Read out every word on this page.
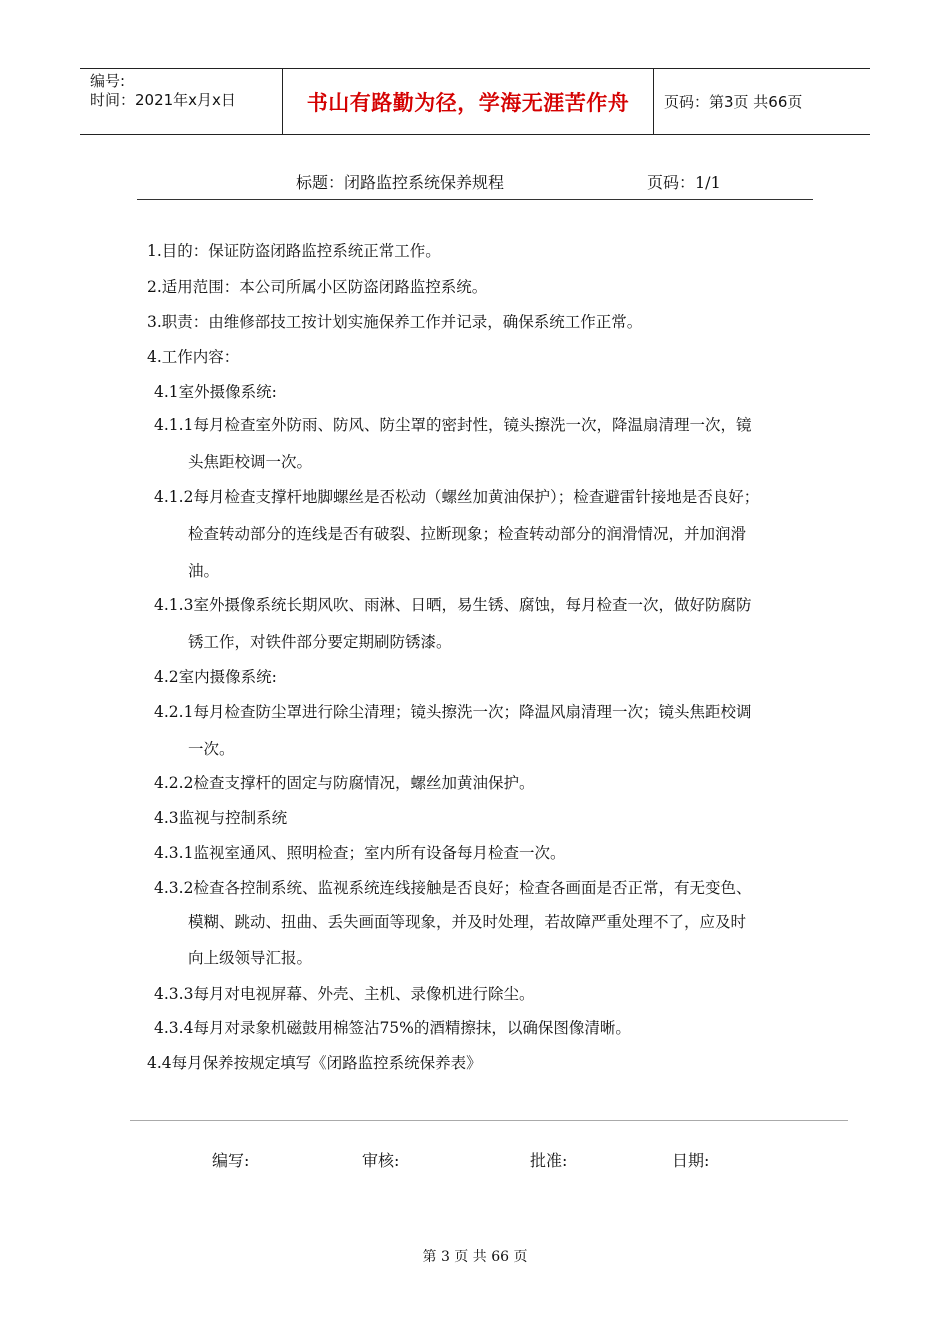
编号:
时间：2021年x月x日	书山有路勤为径，学海无涯苦作舟	页码：第3页 共66页
标题：闭路监控系统保养规程	页码：1/1
1.目的：保证防盗闭路监控系统正常工作。
2.适用范围：本公司所属小区防盗闭路监控系统。
3.职责：由维修部技工按计划实施保养工作并记录，确保系统工作正常。
4.工作内容：
4.1室外摄像系统:
4.1.1每月检查室外防雨、防风、防尘罩的密封性，镜头擦洗一次，降温扇清理一次，镜
头焦距校调一次。
4.1.2每月检查支撑杆地脚螺丝是否松动（螺丝加黄油保护）；检查避雷针接地是否良好；
检查转动部分的连线是否有破裂、拉断现象；检查转动部分的润滑情况，并加润滑
油。
4.1.3室外摄像系统长期风吹、雨淋、日晒，易生锈、腐蚀，每月检查一次，做好防腐防
锈工作，对铁件部分要定期刷防锈漆。
4.2室内摄像系统:
4.2.1每月检查防尘罩进行除尘清理；镜头擦洗一次；降温风扇清理一次；镜头焦距校调
一次。
4.2.2检查支撑杆的固定与防腐情况，螺丝加黄油保护。
4.3监视与控制系统
4.3.1监视室通风、照明检查；室内所有设备每月检查一次。
4.3.2检查各控制系统、监视系统连线接触是否良好；检查各画面是否正常，有无变色、
模糊、跳动、扭曲、丢失画面等现象，并及时处理，若故障严重处理不了，应及时
向上级领导汇报。
4.3.3每月对电视屏幕、外壳、主机、录像机进行除尘。
4.3.4每月对录象机磁鼓用棉签沾75%的酒精擦抹，以确保图像清晰。
4.4每月保养按规定填写《闭路监控系统保养表》
编写:	审核:	批准:	日期:
第 3 页 共 66 页
